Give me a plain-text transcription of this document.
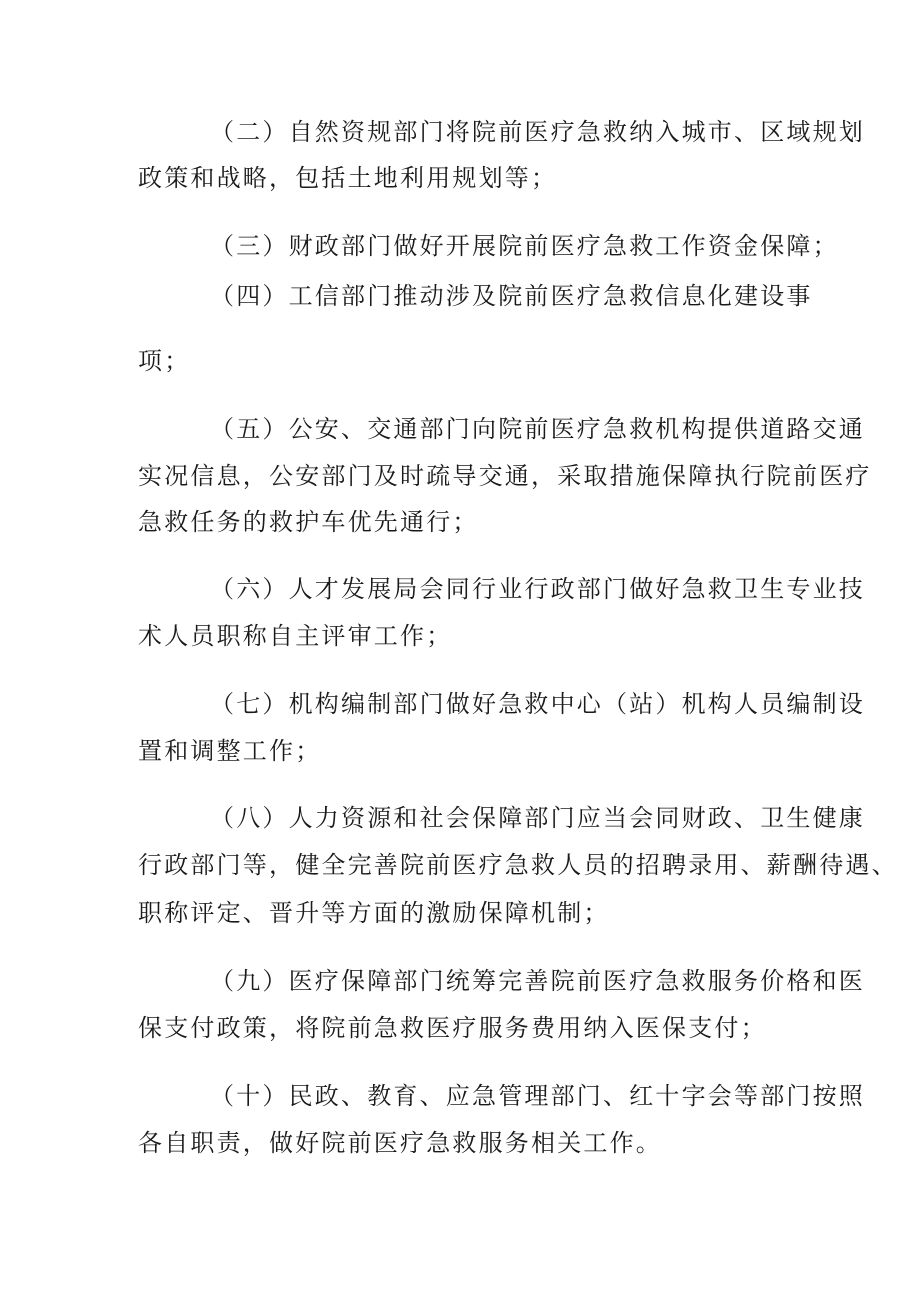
（二）自然资规部门将院前医疗急救纳入城市、区域规划
政策和战略，包括土地利用规划等；
（三）财政部门做好开展院前医疗急救工作资金保障；
（四）工信部门推动涉及院前医疗急救信息化建设事
项；
（五）公安、交通部门向院前医疗急救机构提供道路交通
实况信息，公安部门及时疏导交通，采取措施保障执行院前医疗
急救任务的救护车优先通行；
（六）人才发展局会同行业行政部门做好急救卫生专业技
术人员职称自主评审工作；
（七）机构编制部门做好急救中心（站）机构人员编制设
置和调整工作；
（八）人力资源和社会保障部门应当会同财政、卫生健康
行政部门等，健全完善院前医疗急救人员的招聘录用、薪酬待遇、
职称评定、晋升等方面的激励保障机制；
（九）医疗保障部门统筹完善院前医疗急救服务价格和医
保支付政策，将院前急救医疗服务费用纳入医保支付；
（十）民政、教育、应急管理部门、红十字会等部门按照
各自职责，做好院前医疗急救服务相关工作。
